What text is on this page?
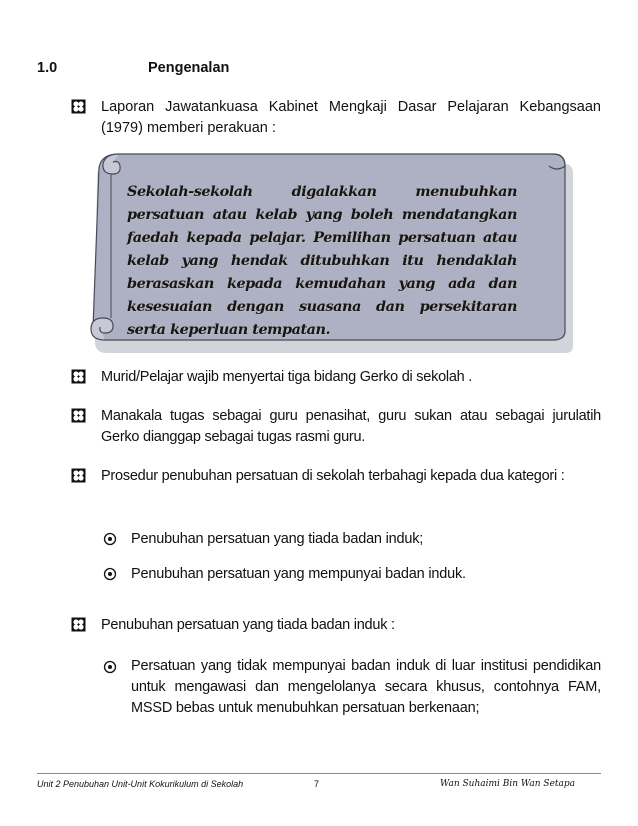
1.0	Pengenalan
Laporan Jawatankuasa Kabinet Mengkaji Dasar Pelajaran Kebangsaan (1979) memberi perakuan :
Sekolah-sekolah digalakkan menubuhkan persatuan atau kelab yang boleh mendatangkan faedah kepada pelajar. Pemilihan persatuan atau kelab yang hendak ditubuhkan itu hendaklah berasaskan kepada kemudahan yang ada dan kesesuaian dengan suasana dan persekitaran serta keperluan tempatan.
Murid/Pelajar wajib menyertai tiga bidang Gerko di sekolah .
Manakala tugas sebagai guru penasihat, guru sukan atau sebagai jurulatih Gerko dianggap sebagai tugas rasmi guru.
Prosedur penubuhan persatuan di sekolah terbahagi kepada dua kategori :
Penubuhan persatuan yang tiada badan induk;
Penubuhan persatuan yang mempunyai badan induk.
Penubuhan persatuan yang tiada badan induk :
Persatuan yang tidak mempunyai badan induk di luar institusi pendidikan untuk mengawasi dan mengelolanya secara khusus, contohnya FAM, MSSD bebas untuk menubuhkan persatuan berkenaan;
Unit 2 Penubuhan Unit-Unit Kokurikulum di Sekolah	7	Wan Suhaimi Bin Wan Setapa
